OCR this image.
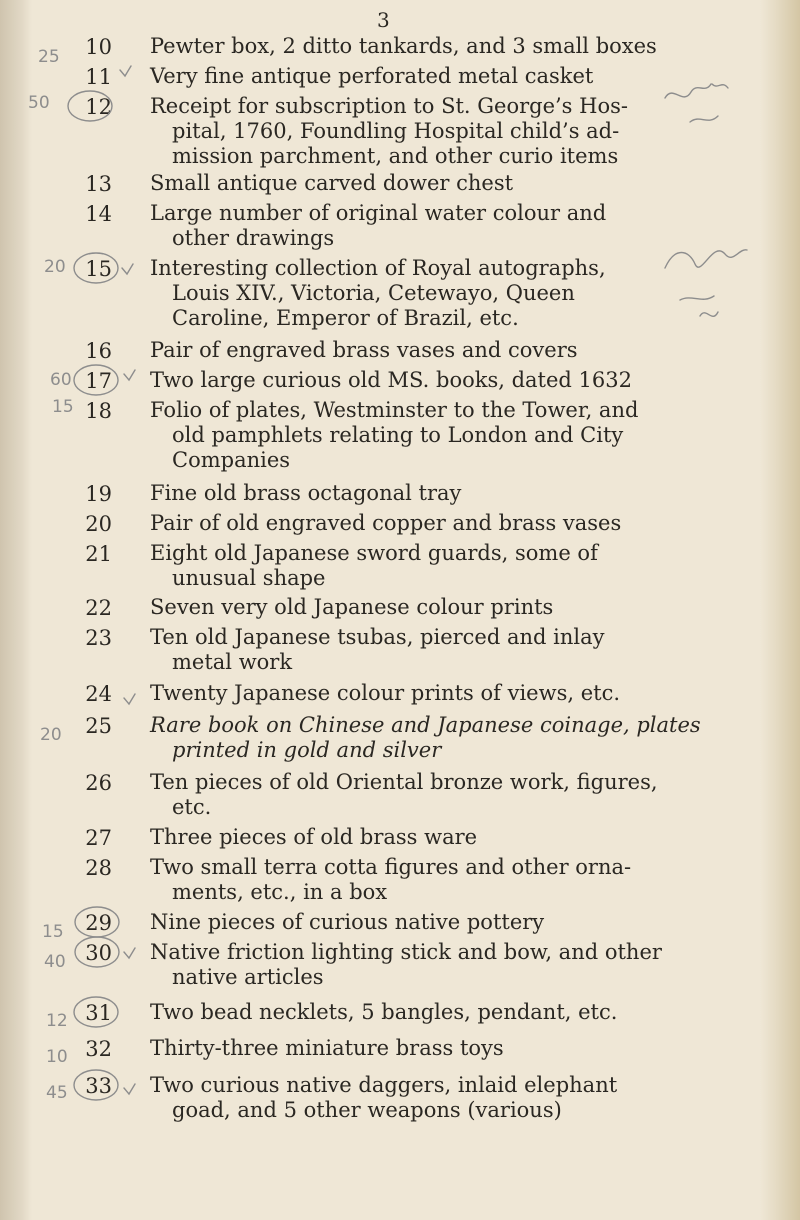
3

10

11

12

13

14

15

16

17

18

19

20

21

22

23

24

25

26

27

28

29

30

31

32

33

Pewter box, 2 ditto tankards, and 3 small boxes
Very fine antique perforated metal casket
Receipt for subscription to St. George’s Hos-
pital, 1760, Foundling Hospital child’s ad-
mission parchment, and other curio items
Small antique carved dower chest
Large number of original water colour and
other drawings
Interesting collection of Royal autographs,
Louis XIV., Victoria, Cetewayo, Queen
Caroline, Emperor of Brazil, etc.
Pair of engraved brass vases and covers
Two large curious old MS. books, dated 1632
Folio of plates, Westminster to the Tower, and
old pamphlets relating to London and City
Companies
Fine old brass octagonal tray
Pair of old engraved copper and brass vases
Eight old Japanese sword guards, some of
unusual shape
Seven very old Japanese colour prints
Ten old Japanese tsubas, pierced and inlay
metal work
Twenty Japanese colour prints of views, etc.
Rare book on Chinese and Japanese coinage, plates
printed in gold and silver
Ten pieces of old Oriental bronze work, figures,
etc.
Three pieces of old brass ware
Two small terra cotta figures and other orna-
ments, etc., in a box
Nine pieces of curious native pottery
Native friction lighting stick and bow, and other
native articles
Two bead necklets, 5 bangles, pendant, etc.
Thirty-three miniature brass toys
Two curious native daggers, inlaid elephant
goad, and 5 other weapons (various)
25
50
20
60
15
20
15
40
12
10
45
